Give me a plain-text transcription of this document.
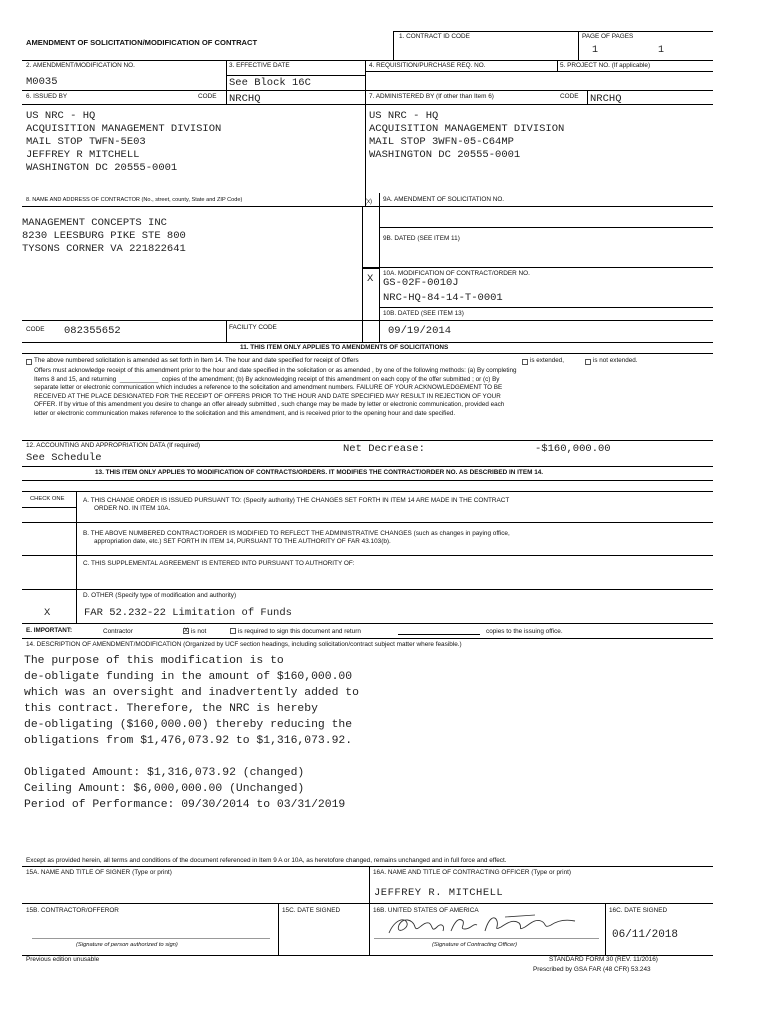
AMENDMENT OF SOLICITATION/MODIFICATION OF CONTRACT
1. CONTRACT ID CODE	PAGE OF PAGES
1	1
2. AMENDMENT/MODIFICATION NO.
M0035
3. EFFECTIVE DATE
See Block 16C
4. REQUISITION/PURCHASE REQ. NO.	5. PROJECT NO. (If applicable)
6. ISSUED BY	CODE NRCHQ	7. ADMINISTERED BY (If other than Item 6)	CODE NRCHQ
US NRC - HQ
ACQUISITION MANAGEMENT DIVISION
MAIL STOP TWFN-5E03
JEFFREY R MITCHELL
WASHINGTON DC 20555-0001
US NRC - HQ
ACQUISITION MANAGEMENT DIVISION
MAIL STOP 3WFN-05-C64MP
WASHINGTON DC 20555-0001
8. NAME AND ADDRESS OF CONTRACTOR (No., street, county, State and ZIP Code)
MANAGEMENT CONCEPTS INC
8230 LEESBURG PIKE STE 800
TYSONS CORNER VA 221822641
(x) 9A. AMENDMENT OF SOLICITATION NO.
9B. DATED (SEE ITEM 11)
X 10A. MODIFICATION OF CONTRACT/ORDER NO.
GS-02F-0010J
NRC-HQ-84-14-T-0001
10B. DATED (SEE ITEM 13)
09/19/2014
CODE 082355652	FACILITY CODE
11. THIS ITEM ONLY APPLIES TO AMENDMENTS OF SOLICITATIONS
The above numbered solicitation is amended as set forth in Item 14. The hour and date specified for receipt of Offers	is extended,	is not extended.
Offers must acknowledge receipt of this amendment prior to the hour and date specified in the solicitation or as amended , by one of the following methods: (a) By completing
Items 8 and 15, and returning  ___________  copies of the amendment; (b) By acknowledging receipt of this amendment on each copy of the offer submitted ; or (c) By
separate letter or electronic communication which includes a reference to the solicitation and amendment numbers. FAILURE OF YOUR ACKNOWLEDGEMENT TO BE
RECEIVED AT THE PLACE DESIGNATED FOR THE RECEIPT OF OFFERS PRIOR TO THE HOUR AND DATE SPECIFIED MAY RESULT IN REJECTION OF YOUR
OFFER. If by virtue of this amendment you desire to change an offer already submitted , such change may be made by letter or electronic communication, provided each
letter or electronic communication makes reference to the solicitation and this amendment, and is received prior to the opening hour and date specified.
12. ACCOUNTING AND APPROPRIATION DATA (If required)
See Schedule
Net Decrease:	-$160,000.00
13. THIS ITEM ONLY APPLIES TO MODIFICATION OF CONTRACTS/ORDERS. IT MODIFIES THE CONTRACT/ORDER NO. AS DESCRIBED IN ITEM 14.
CHECK ONE	A. THIS CHANGE ORDER IS ISSUED PURSUANT TO: (Specify authority) THE CHANGES SET FORTH IN ITEM 14 ARE MADE IN THE CONTRACT
ORDER NO. IN ITEM 10A.
B. THE ABOVE NUMBERED CONTRACT/ORDER IS MODIFIED TO REFLECT THE ADMINISTRATIVE CHANGES (such as changes in paying office,
appropriation date, etc.) SET FORTH IN ITEM 14, PURSUANT TO THE AUTHORITY OF FAR 43.103(b).
C. THIS SUPPLEMENTAL AGREEMENT IS ENTERED INTO PURSUANT TO AUTHORITY OF:
D. OTHER (Specify type of modification and authority)
X	FAR 52.232-22 Limitation of Funds
E. IMPORTANT:	Contractor	X is not	is required to sign this document and return	copies to the issuing office.
14. DESCRIPTION OF AMENDMENT/MODIFICATION (Organized by UCF section headings, including solicitation/contract subject matter where feasible.)
The purpose of this modification is to
de-obligate funding in the amount of $160,000.00
which was an oversight and inadvertently added to
this contract. Therefore, the NRC is hereby
de-obligating ($160,000.00) thereby reducing the
obligations from $1,476,073.92 to $1,316,073.92.
Obligated Amount: $1,316,073.92 (changed)
Ceiling Amount: $6,000,000.00 (Unchanged)
Period of Performance: 09/30/2014 to 03/31/2019
Except as provided herein, all terms and conditions of the document referenced in Item 9 A or 10A, as heretofore changed, remains unchanged and in full force and effect.
15A. NAME AND TITLE OF SIGNER (Type or print)	16A. NAME AND TITLE OF CONTRACTING OFFICER (Type or print)
JEFFREY R. MITCHELL
15B. CONTRACTOR/OFFEROR	15C. DATE SIGNED	16B. UNITED STATES OF AMERICA	16C. DATE SIGNED
06/11/2018
(Signature of person authorized to sign)	(Signature of Contracting Officer)
Previous edition unusable	STANDARD FORM 30 (REV. 11/2016)
Prescribed by GSA FAR (48 CFR) 53.243
